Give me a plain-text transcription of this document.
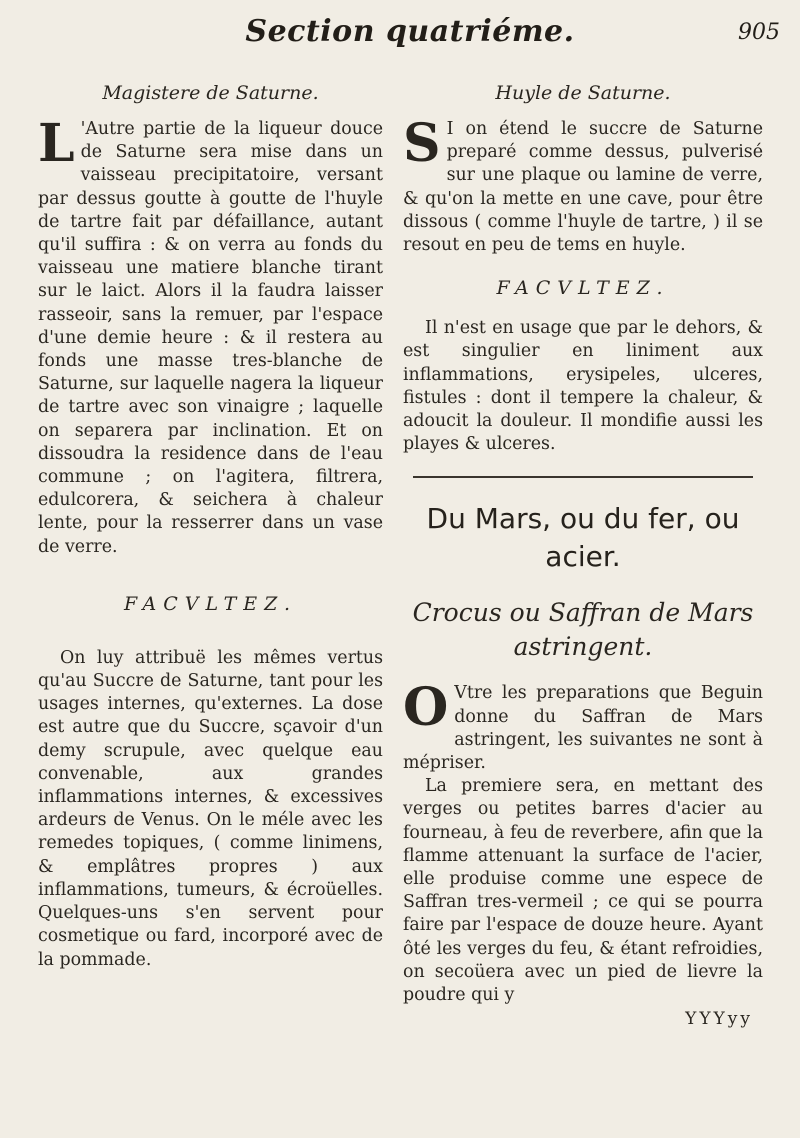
Section quatriéme.	905
Magistere de Saturne.

L 'Autre partie de la liqueur douce de Saturne sera mise dans un vaisseau precipitatoire, versant par dessus goutte à goutte de l'huyle de tartre fait par défaillance, autant qu'il suffira : & on verra au fonds du vaisseau une matiere blanche tirant sur le laict. Alors il la faudra laisser rasseoir, sans la remuer, par l'espace d'une demie heure : & il restera au fonds une masse tres-blanche de Saturne, sur laquelle nagera la liqueur de tartre avec son vinaigre ; laquelle on separera par inclination. Et on dissoudra la residence dans de l'eau commune ; on l'agitera, filtrera, edulcorera, & seichera à chaleur lente, pour la resserrer dans un vase de verre.

FACVLTEZ.

On luy attribuë les mêmes vertus qu'au Succre de Saturne, tant pour les usages internes, qu'externes. La dose est autre que du Succre, sçavoir d'un demy scrupule, avec quelque eau convenable, aux grandes inflammations internes, & excessives ardeurs de Venus. On le méle avec les remedes topiques, ( comme linimens, & emplâtres propres ) aux inflammations, tumeurs, & écroüelles. Quelques-uns s'en servent pour cosmetique ou fard, incorporé avec de la pommade.

Huyle de Saturne.

S I on étend le succre de Saturne preparé comme dessus, pulverisé sur une plaque ou lamine de verre, & qu'on la mette en une cave, pour être dissous ( comme l'huyle de tartre, ) il se resout en peu de tems en huyle.

FACVLTEZ.

Il n'est en usage que par le dehors, & est singulier en liniment aux inflammations, erysipeles, ulceres, fistules : dont il tempere la chaleur, & adoucit la douleur. Il mondifie aussi les playes & ulceres.

Du Mars, ou du fer, ou acier.
Crocus ou Saffran de Mars astringent.

O Vtre les preparations que Beguin donne du Saffran de Mars astringent, les suivantes ne sont à mépriser.

La premiere sera, en mettant des verges ou petites barres d'acier au fourneau, à feu de reverbere, afin que la flamme attenuant la surface de l'acier, elle produise comme une espece de Saffran tres-vermeil ; ce qui se pourra faire par l'espace de douze heure. Ayant ôté les verges du feu, & étant refroidies, on secoüera avec un pied de lievre la poudre qui y

YYYyy
